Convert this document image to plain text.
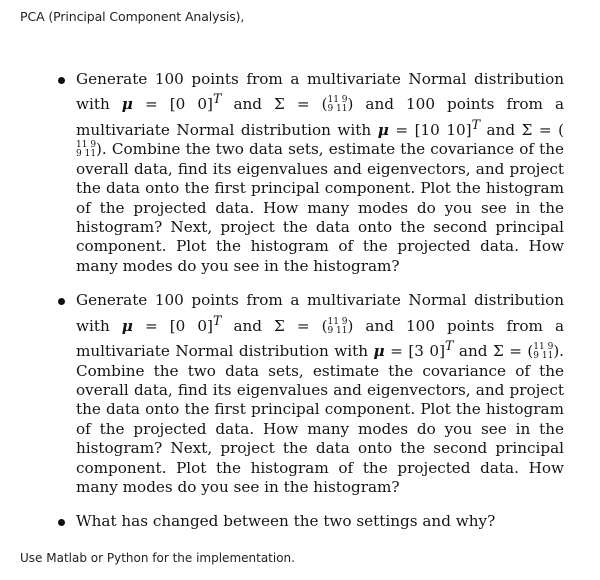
PCA (Principal Component Analysis),
Generate 100 points from a multivariate Normal distribution with μ = [0 0]$^T$ and Σ = ( 11 9
9 11 ) and 100 points from a multivariate Normal distribution with μ = [10 10]$^T$ and Σ = (
11 9
9 11 ). Combine the two data sets, estimate the covariance of the overall data, find its eigenvalues and eigenvectors, and project the data onto the first principal component. Plot the histogram of the projected data. How many modes do you see in the histogram? Next, project the data onto the second principal component. Plot the histogram of the projected data. How many modes do you see in the histogram?
Generate 100 points from a multivariate Normal distribution with μ = [0 0]$^T$ and Σ = ( 11 9
9 11 ) and 100 points from a multivariate Normal distribution with μ = [3 0]$^T$ and Σ = ( 11 9
9 11 ). Combine the two data sets, estimate the covariance of the overall data, find its eigenvalues and eigenvectors, and project the data onto the first principal component. Plot the histogram of the projected data. How many modes do you see in the histogram? Next, project the data onto the second principal component. Plot the histogram of the projected data. How many modes do you see in the histogram?
What has changed between the two settings and why?
Use Matlab or Python for the implementation.
